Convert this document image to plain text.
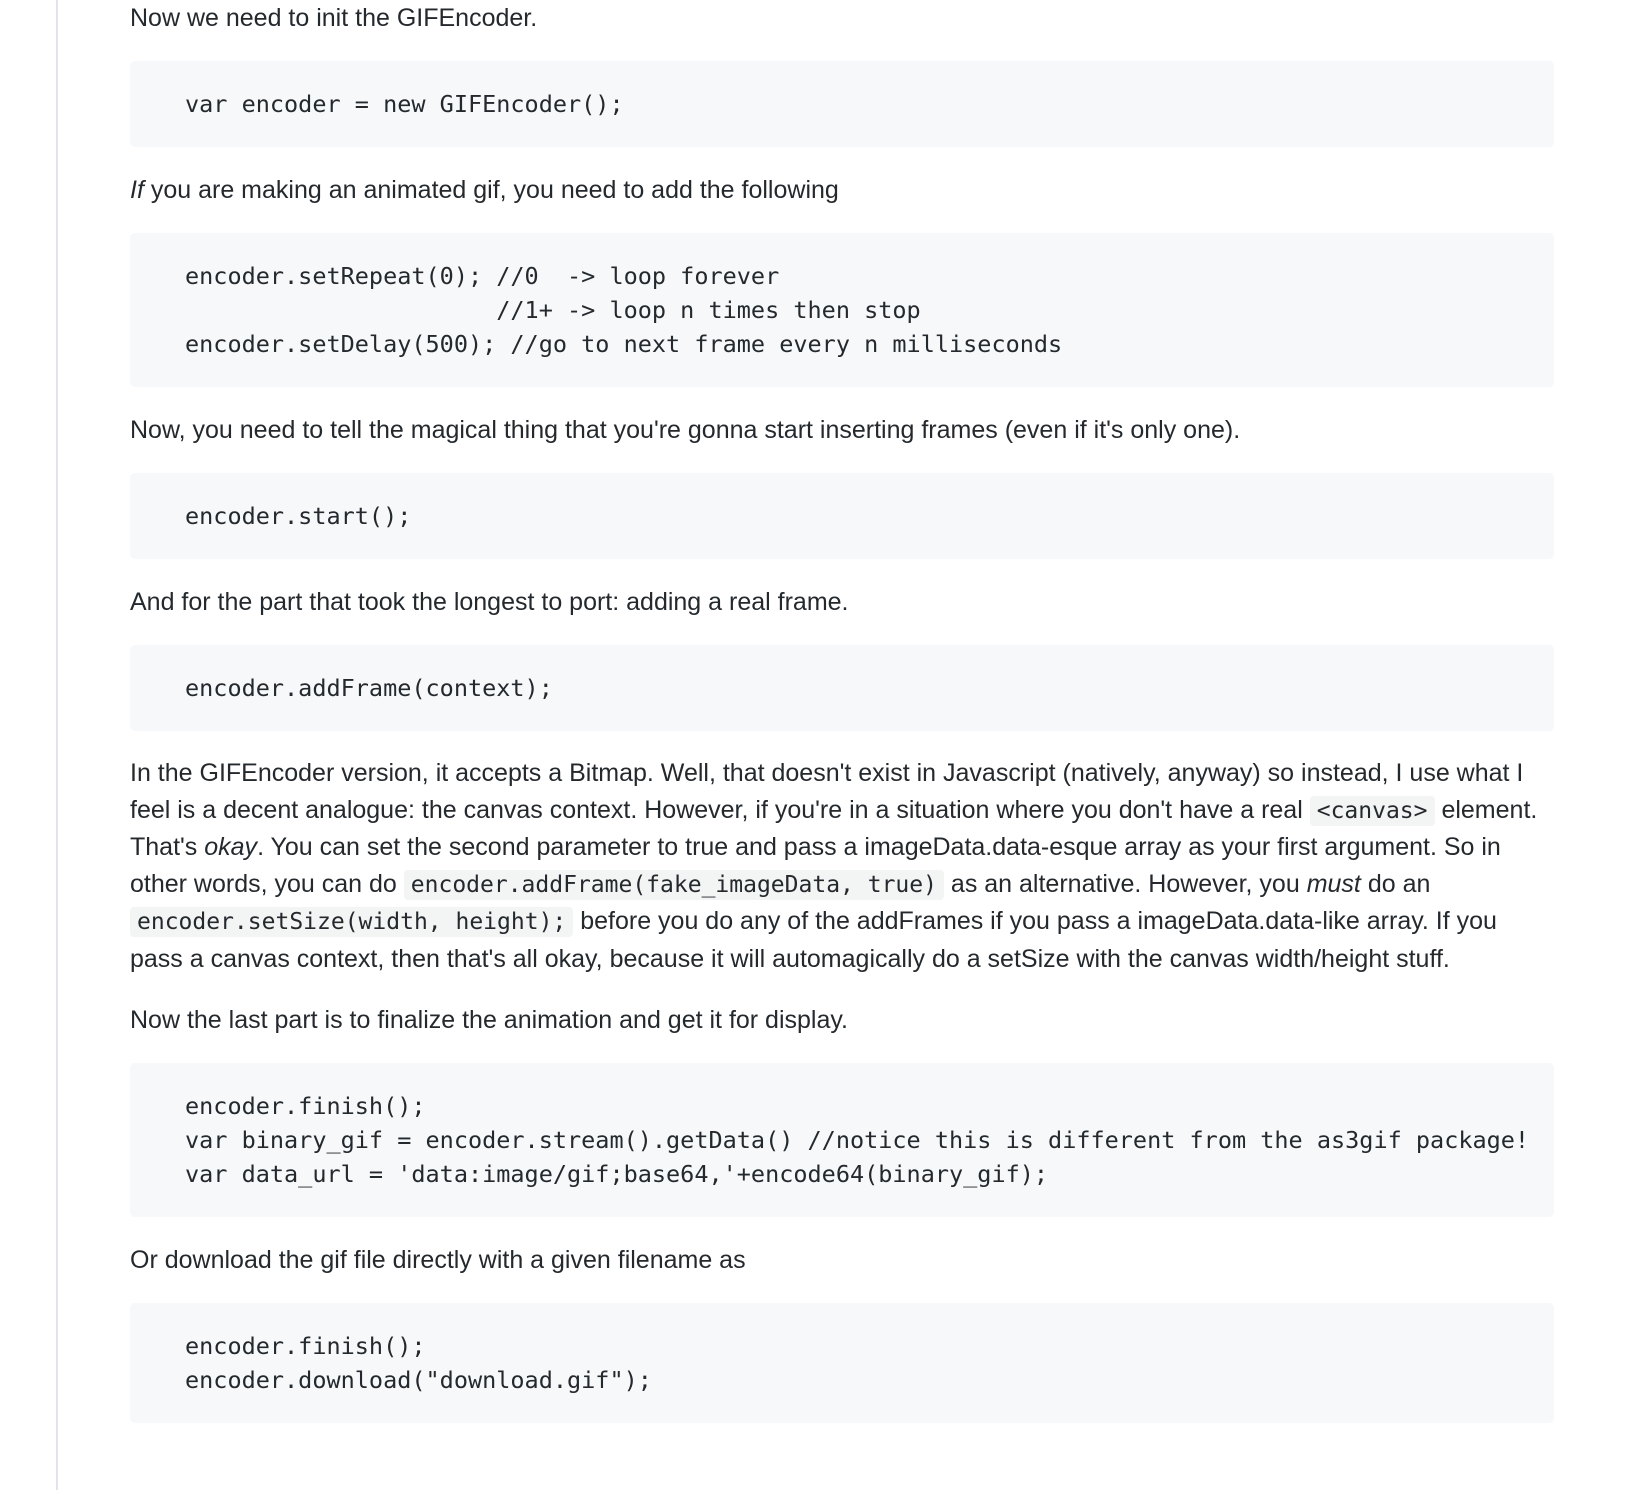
Now we need to init the GIFEncoder.

var encoder = new GIFEncoder();

If you are making an animated gif, you need to add the following

encoder.setRepeat(0); //0  -> loop forever
//1+ -> loop n times then stop
encoder.setDelay(500); //go to next frame every n milliseconds

Now, you need to tell the magical thing that you're gonna start inserting frames (even if it's only one).

encoder.start();

And for the part that took the longest to port: adding a real frame.

encoder.addFrame(context);

In the GIFEncoder version, it accepts a Bitmap. Well, that doesn't exist in Javascript (natively, anyway) so instead, I use what I feel is a decent analogue: the canvas context. However, if you're in a situation where you don't have a real <canvas> element. That's okay. You can set the second parameter to true and pass a imageData.data-esque array as your first argument. So in other words, you can do encoder.addFrame(fake_imageData, true) as an alternative. However, you must do an encoder.setSize(width, height); before you do any of the addFrames if you pass a imageData.data-like array. If you pass a canvas context, then that's all okay, because it will automagically do a setSize with the canvas width/height stuff.

Now the last part is to finalize the animation and get it for display.

encoder.finish();
var binary_gif = encoder.stream().getData() //notice this is different from the as3gif package!
var data_url = 'data:image/gif;base64,'+encode64(binary_gif);

Or download the gif file directly with a given filename as

encoder.finish();
encoder.download("download.gif");
